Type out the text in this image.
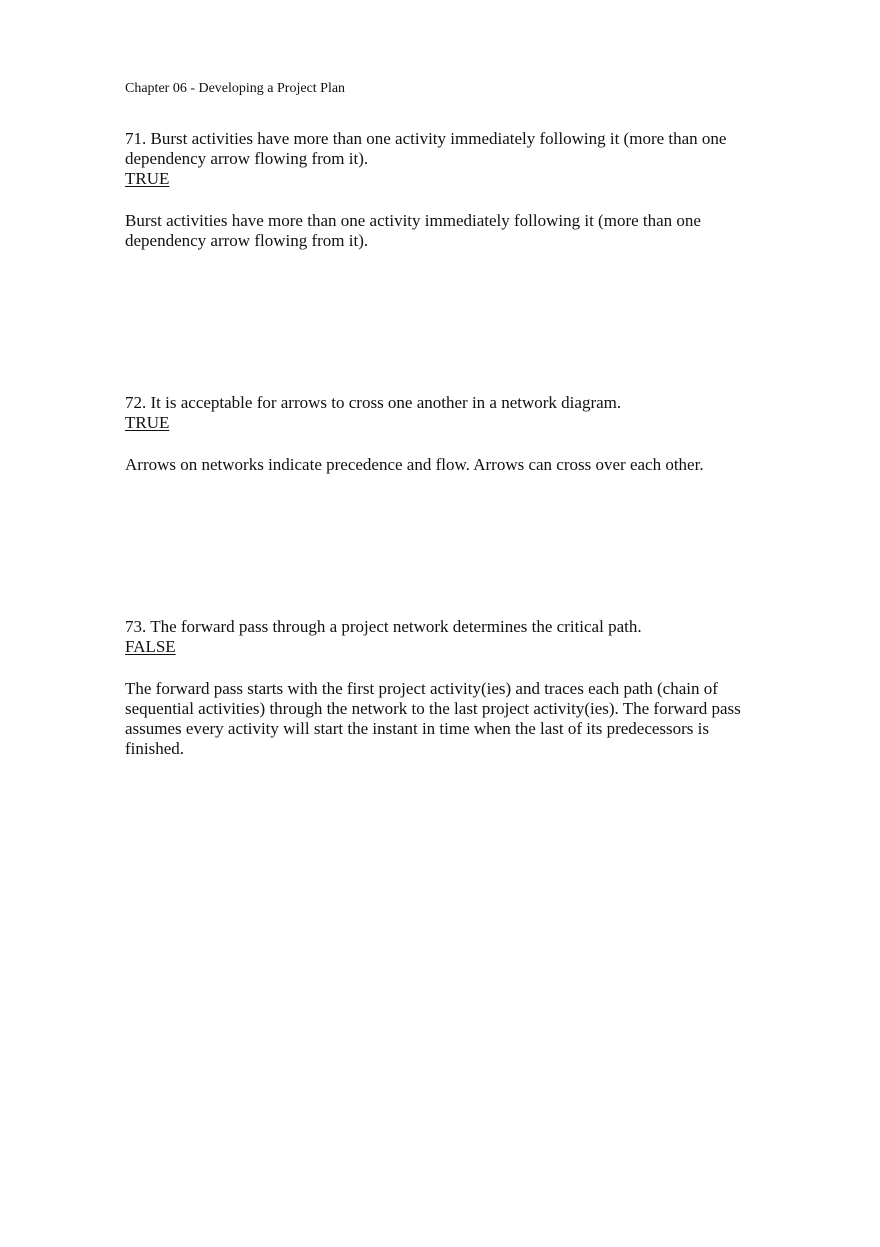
Chapter 06 - Developing a Project Plan

71. Burst activities have more than one activity immediately following it (more than one dependency arrow flowing from it).

TRUE

Burst activities have more than one activity immediately following it (more than one dependency arrow flowing from it).

72. It is acceptable for arrows to cross one another in a network diagram.

TRUE

Arrows on networks indicate precedence and flow. Arrows can cross over each other.

73. The forward pass through a project network determines the critical path.

FALSE

The forward pass starts with the first project activity(ies) and traces each path (chain of sequential activities) through the network to the last project activity(ies). The forward pass assumes every activity will start the instant in time when the last of its predecessors is finished.
